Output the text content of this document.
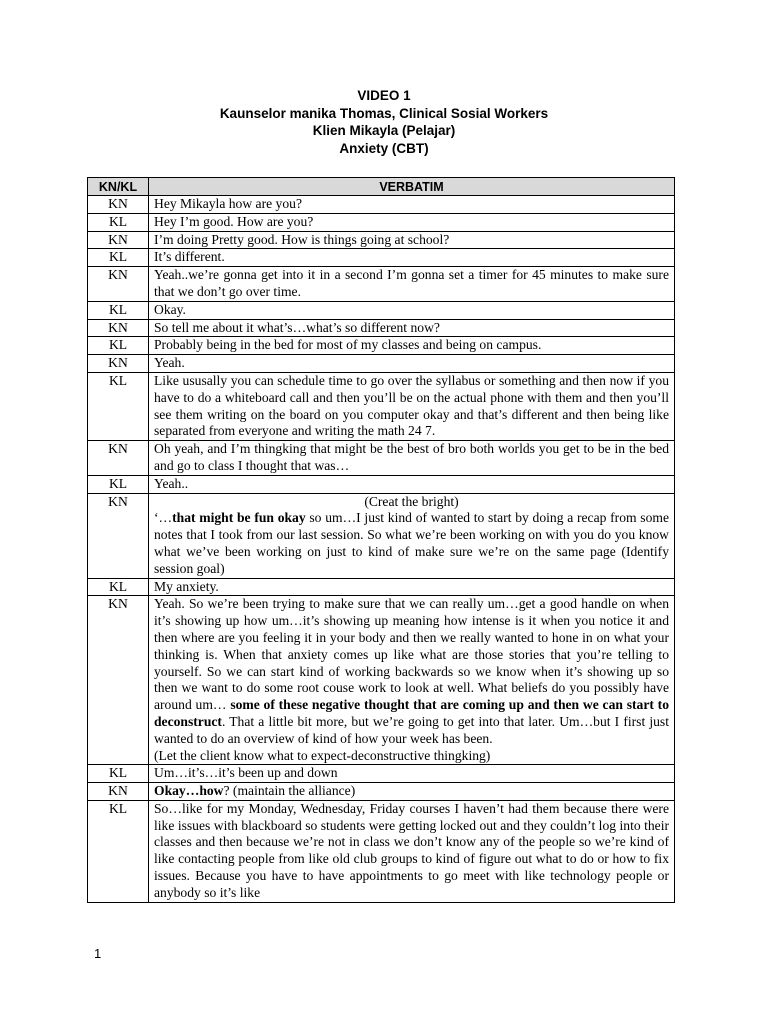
VIDEO 1
Kaunselor manika Thomas, Clinical Sosial Workers
Klien Mikayla (Pelajar)
Anxiety (CBT)
KN/KL	VERBATIM
KN	Hey Mikayla how are you?
KL	Hey I’m good. How are you?
KN	I’m doing Pretty good. How is things going at school?
KL	It’s different.
KN	Yeah..we’re gonna get into it in a second I’m gonna set a timer for 45 minutes to make sure that we don’t go over time.
KL	Okay.
KN	So tell me about it what’s…what’s so different now?
KL	Probably being in the bed for most of my classes and being on campus.
KN	Yeah.
KL	Like ususally you can schedule time to go over the syllabus or something and then now if you have to do a whiteboard call and then you’ll be on the actual phone with them and then you’ll see them writing on the board on you computer okay and that’s different and then being like separated from everyone and writing the math 24 7.
KN	Oh yeah, and I’m thingking that might be the best of bro both worlds you get to be in the bed and go to class I thought that was…
KL	Yeah..
KN	(Creat the bright)
‘…that might be fun okay so um…I just kind of wanted to start by doing a recap from some notes that I took from our last session. So what we’re been working on with you do you know what we’ve been working on just to kind of make sure we’re on the same page (Identify session goal)
KL	My anxiety.
KN	Yeah. So we’re been trying to make sure that we can really um…get a good handle on when it’s showing up how um…it’s showing up meaning how intense is it when you notice it and then where are you feeling it in your body and then we really wanted to hone in on what your thinking is. When that anxiety comes up like what are those stories that you’re telling to yourself. So we can start kind of working backwards so we know when it’s showing up so then we want to do some root couse work to look at well. What beliefs do you possibly have around um… some of these negative thought that are coming up and then we can start to deconstruct. That a little bit more, but we’re going to get into that later. Um…but I first just wanted to do an overview of kind of how your week has been.
(Let the client know what to expect-deconstructive thingking)

KL	Um…it’s…it’s been up and down
KN	Okay…how? (maintain the alliance)
KL	So…like for my Monday, Wednesday, Friday courses I haven’t had them because there were like issues with blackboard so students were getting locked out and they couldn’t log into their classes and then because we’re not in class we don’t know any of the people so we’re kind of like contacting people from like old club groups to kind of figure out what to do or how to fix issues. Because you have to have appointments to go meet with like technology people or anybody so it’s like
1
